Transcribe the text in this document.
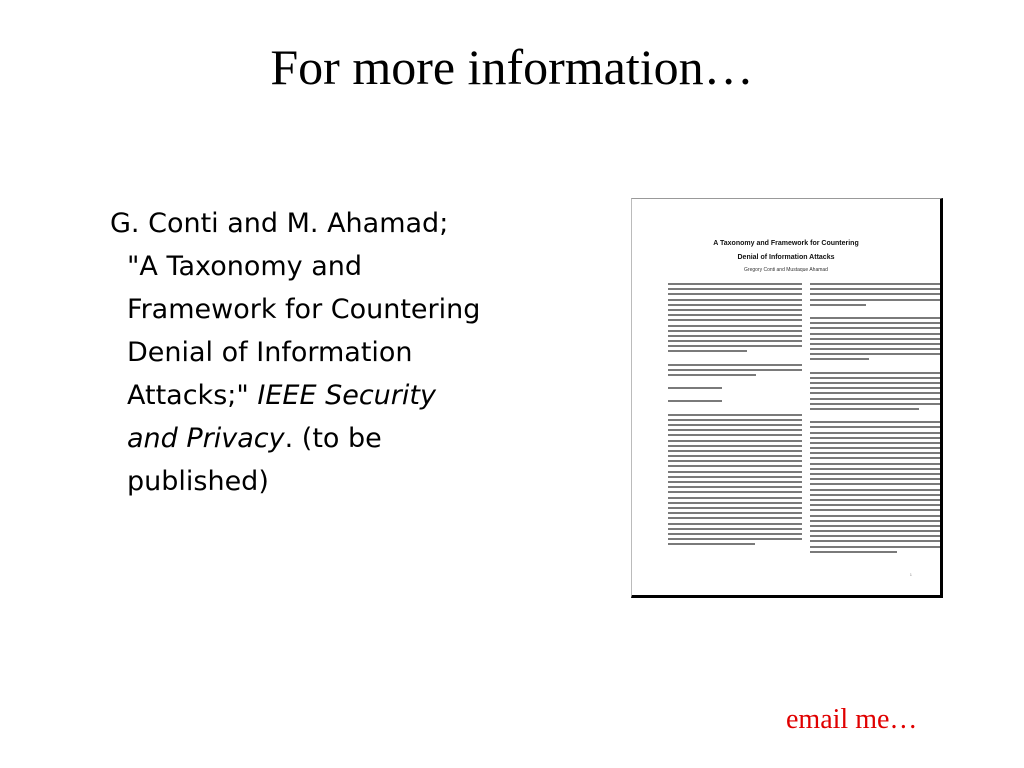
For more information…
G. Conti and M. Ahamad;
"A Taxonomy and
Framework for Countering
Denial of Information
Attacks;" IEEE Security
and Privacy. (to be
published)
A Taxonomy and Framework for Countering
Denial of Information Attacks
Gregory Conti and Mustaque Ahamad
1
email me…
